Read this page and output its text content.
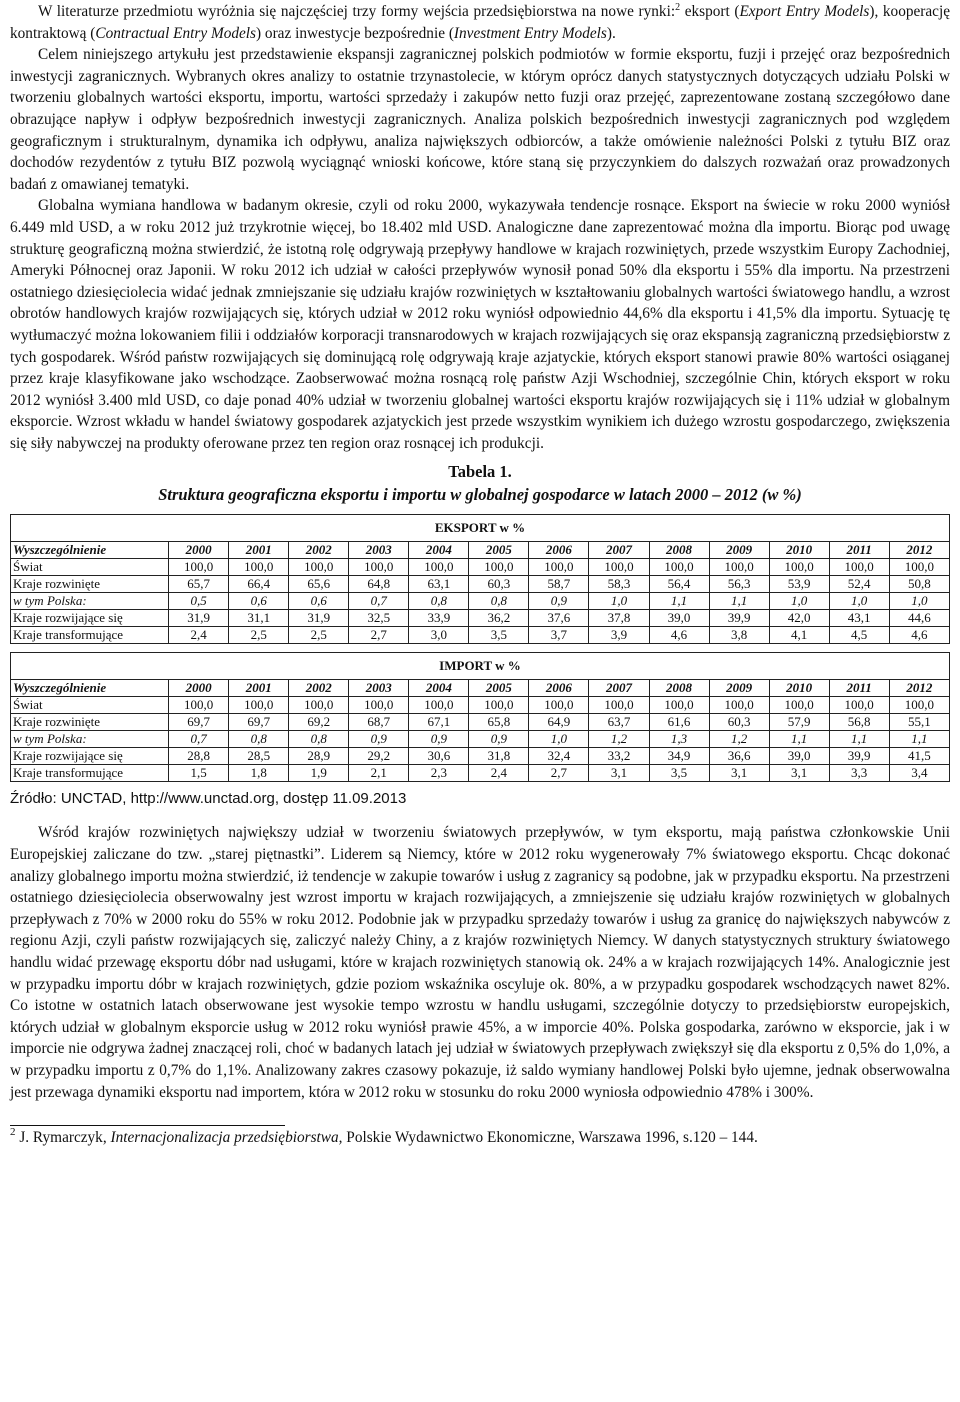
W literaturze przedmiotu wyróżnia się najczęściej trzy formy wejścia przedsiębiorstwa na nowe rynki:$^2$ eksport (Export Entry Models), kooperację kontraktową (Contractual Entry Models) oraz inwestycje bezpośrednie (Investment Entry Models).

Celem niniejszego artykułu jest przedstawienie ekspansji zagranicznej polskich podmiotów w formie eksportu, fuzji i przejęć oraz bezpośrednich inwestycji zagranicznych. Wybranych okres analizy to ostatnie trzynastolecie, w którym oprócz danych statystycznych dotyczących udziału Polski w tworzeniu globalnych wartości eksportu, importu, wartości sprzedaży i zakupów netto fuzji oraz przejęć, zaprezentowane zostaną szczegółowo dane obrazujące napływ i odpływ bezpośrednich inwestycji zagranicznych. Analiza polskich bezpośrednich inwestycji zagranicznych pod względem geograficznym i strukturalnym, dynamika ich odpływu, analiza największych odbiorców, a także omówienie należności Polski z tytułu BIZ oraz dochodów rezydentów z tytułu BIZ pozwolą wyciągnąć wnioski końcowe, które staną się przyczynkiem do dalszych rozważań oraz prowadzonych badań z omawianej tematyki.

Globalna wymiana handlowa w badanym okresie, czyli od roku 2000, wykazywała tendencje rosnące. Eksport na świecie w roku 2000 wyniósł 6.449 mld USD, a w roku 2012 już trzykrotnie więcej, bo 18.402 mld USD. Analogiczne dane zaprezentować można dla importu. Biorąc pod uwagę strukturę geograficzną można stwierdzić, że istotną rolę odgrywają przepływy handlowe w krajach rozwiniętych, przede wszystkim Europy Zachodniej, Ameryki Północnej oraz Japonii. W roku 2012 ich udział w całości przepływów wynosił ponad 50% dla eksportu i 55% dla importu. Na przestrzeni ostatniego dziesięciolecia widać jednak zmniejszanie się udziału krajów rozwiniętych w kształtowaniu globalnych wartości światowego handlu, a wzrost obrotów handlowych krajów rozwijających się, których udział w 2012 roku wyniósł odpowiednio 44,6% dla eksportu i 41,5% dla importu. Sytuację tę wytłumaczyć można lokowaniem filii i oddziałów korporacji transnarodowych w krajach rozwijających się oraz ekspansją zagraniczną przedsiębiorstw z tych gospodarek. Wśród państw rozwijających się dominującą rolę odgrywają kraje azjatyckie, których eksport stanowi prawie 80% wartości osiąganej przez kraje klasyfikowane jako wschodzące. Zaobserwować można rosnącą rolę państw Azji Wschodniej, szczególnie Chin, których eksport w roku 2012 wyniósł 3.400 mld USD, co daje ponad 40% udział w tworzeniu globalnej wartości eksportu krajów rozwijających się i 11% udział w globalnym eksporcie. Wzrost wkładu w handel światowy gospodarek azjatyckich jest przede wszystkim wynikiem ich dużego wzrostu gospodarczego, zwiększenia się siły nabywczej na produkty oferowane przez ten region oraz rosnącej ich produkcji.

Tabela 1.
Struktura geograficzna eksportu i importu w globalnej gospodarce w latach 2000 – 2012 (w %)
EKSPORT w %													
Wyszczególnienie	2000	2001	2002	2003	2004	2005	2006	2007	2008	2009	2010	2011	2012
Świat	100,0	100,0	100,0	100,0	100,0	100,0	100,0	100,0	100,0	100,0	100,0	100,0	100,0
Kraje rozwinięte	65,7	66,4	65,6	64,8	63,1	60,3	58,7	58,3	56,4	56,3	53,9	52,4	50,8
w tym Polska:	0,5	0,6	0,6	0,7	0,8	0,8	0,9	1,0	1,1	1,1	1,0	1,0	1,0
Kraje rozwijające się	31,9	31,1	31,9	32,5	33,9	36,2	37,6	37,8	39,0	39,9	42,0	43,1	44,6
Kraje transformujące	2,4	2,5	2,5	2,7	3,0	3,5	3,7	3,9	4,6	3,8	4,1	4,5	4,6

IMPORT w %													
Wyszczególnienie	2000	2001	2002	2003	2004	2005	2006	2007	2008	2009	2010	2011	2012
Świat	100,0	100,0	100,0	100,0	100,0	100,0	100,0	100,0	100,0	100,0	100,0	100,0	100,0
Kraje rozwinięte	69,7	69,7	69,2	68,7	67,1	65,8	64,9	63,7	61,6	60,3	57,9	56,8	55,1
w tym Polska:	0,7	0,8	0,8	0,9	0,9	0,9	1,0	1,2	1,3	1,2	1,1	1,1	1,1
Kraje rozwijające się	28,8	28,5	28,9	29,2	30,6	31,8	32,4	33,2	34,9	36,6	39,0	39,9	41,5
Kraje transformujące	1,5	1,8	1,9	2,1	2,3	2,4	2,7	3,1	3,5	3,1	3,1	3,3	3,4
Źródło: UNCTAD, http://www.unctad.org, dostęp 11.09.2013

Wśród krajów rozwiniętych największy udział w tworzeniu światowych przepływów, w tym eksportu, mają państwa członkowskie Unii Europejskiej zaliczane do tzw. „starej piętnastki”. Liderem są Niemcy, które w 2012 roku wygenerowały 7% światowego eksportu. Chcąc dokonać analizy globalnego importu można stwierdzić, iż tendencje w zakupie towarów i usług z zagranicy są podobne, jak w przypadku eksportu. Na przestrzeni ostatniego dziesięciolecia obserwowalny jest wzrost importu w krajach rozwijających, a zmniejszenie się udziału krajów rozwiniętych w globalnych przepływach z 70% w 2000 roku do 55% w roku 2012. Podobnie jak w przypadku sprzedaży towarów i usług za granicę do największych nabywców z regionu Azji, czyli państw rozwijających się, zaliczyć należy Chiny, a z krajów rozwiniętych Niemcy. W danych statystycznych struktury światowego handlu widać przewagę eksportu dóbr nad usługami, które w krajach rozwiniętych stanowią ok. 24% a w krajach rozwijających 14%. Analogicznie jest w przypadku importu dóbr w krajach rozwiniętych, gdzie poziom wskaźnika oscyluje ok. 80%, a w przypadku gospodarek wschodzących nawet 82%. Co istotne w ostatnich latach obserwowane jest wysokie tempo wzrostu w handlu usługami, szczególnie dotyczy to przedsiębiorstw europejskich, których udział w globalnym eksporcie usług w 2012 roku wyniósł prawie 45%, a w imporcie 40%. Polska gospodarka, zarówno w eksporcie, jak i w imporcie nie odgrywa żadnej znaczącej roli, choć w badanych latach jej udział w światowych przepływach zwiększył się dla eksportu z 0,5% do 1,0%, a w przypadku importu z 0,7% do 1,1%. Analizowany zakres czasowy pokazuje, iż saldo wymiany handlowej Polski było ujemne, jednak obserwowalna jest przewaga dynamiki eksportu nad importem, która w 2012 roku w stosunku do roku 2000 wyniosła odpowiednio 478% i 300%.

$^2$ J. Rymarczyk, Internacjonalizacja przedsiębiorstwa, Polskie Wydawnictwo Ekonomiczne, Warszawa 1996, s.120 – 144.
